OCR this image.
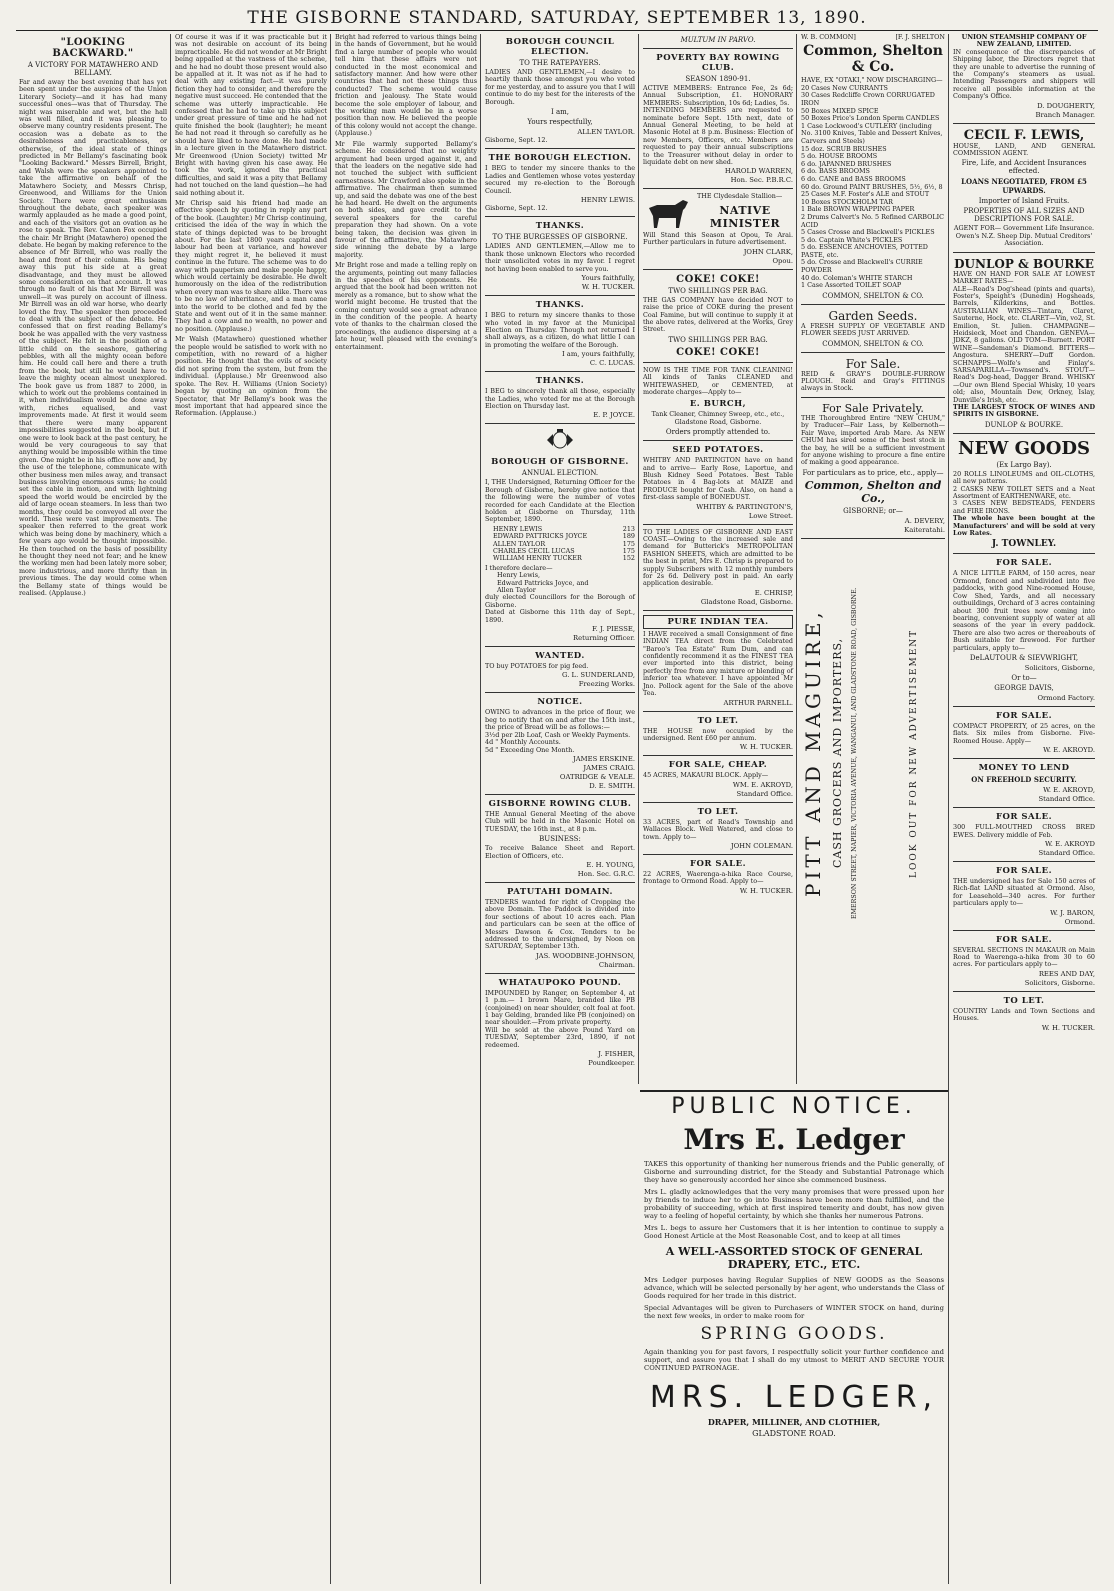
THE GISBORNE STANDARD, SATURDAY, SEPTEMBER 13, 1890.
"LOOKING BACKWARD."
A VICTORY FOR MATAWHERO AND BELLAMY.

Far and away the best evening that has yet been spent under the auspices of the Union Literary Society—and it has had many successful ones—was that of Thursday. The night was miserable and wet, but the hall was well filled, and it was pleasing to observe many country residents present. The occasion was a debate as to the desirableness and practicableness, or otherwise, of the ideal state of things predicted in Mr Bellamy's fascinating book "Looking Backward." Messrs Birrell, Bright, and Walsh were the speakers appointed to take the affirmative on behalf of the Matawhero Society, and Messrs Chrisp, Greenwood, and Williams for the Union Society. There were great enthusiasm throughout the debate, each speaker was warmly applauded as he made a good point, and each of the visitors got an ovation as he rose to speak. The Rev. Canon Fox occupied the chair. Mr Bright (Matawhero) opened the debate. He began by making reference to the absence of Mr Birrell, who was really the head and front of their column. His being away this put his side at a great disadvantage, and they must be allowed some consideration on that account. It was through no fault of his that Mr Birrell was unwell—it was purely on account of illness. Mr Birrell was an old war horse, who dearly loved the fray. The speaker then proceeded to deal with the subject of the debate. He confessed that on first reading Bellamy's book he was appalled with the very vastness of the subject. He felt in the position of a little child on the seashore, gathering pebbles, with all the mighty ocean before him. He could call here and there a truth from the book, but still he would have to leave the mighty ocean almost unexplored. The book gave us from 1887 to 2000, in which to work out the problems contained in it, when individualism would be done away with, riches equalised, and vast improvements made. At first it would seem that there were many apparent impossibilities suggested in the book, but if one were to look back at the past century, he would be very courageous to say that anything would be impossible within the time given. One might be in his office now and, by the use of the telephone, communicate with other business men miles away, and transact business involving enormous sums; he could set the cable in motion, and with lightning speed the world would be encircled by the aid of large ocean steamers. In less than two months, they could be conveyed all over the world. These were vast improvements. The speaker then referred to the great work which was being done by machinery, which a few years ago would be thought impossible. He then touched on the basis of possibility he thought they need not fear; and he knew the working men had been lately more sober, more industrious, and more thrifty than in previous times. The day would come when the Bellamy state of things would be realised. (Applause.)

Of course it was if it was practicable but it was not desirable on account of its being impracticable. He did not wonder at Mr Bright being appalled at the vastness of the scheme, and he had no doubt those present would also be appalled at it. It was not as if he had to deal with any existing fact—it was purely fiction they had to consider, and therefore the negative must succeed. He contended that the scheme was utterly impracticable. He confessed that he had to take up this subject under great pressure of time and he had not quite finished the book (laughter); he meant he had not read it through so carefully as he should have liked to have done. He had made in a lecture given in the Matawhero district. Mr Greenwood (Union Society) twitted Mr Bright with having given his case away. He took the work, ignored the practical difficulties, and said it was a pity that Bellamy had not touched on the land question—he had said nothing about it.

Mr Chrisp said his friend had made an effective speech by quoting in reply any part of the book. (Laughter.) Mr Chrisp continuing, criticised the idea of the way in which the state of things depicted was to be brought about. For the last 1800 years capital and labour had been at variance, and however they might regret it, he believed it must continue in the future. The scheme was to do away with pauperism and make people happy, which would certainly be desirable. He dwelt humorously on the idea of the redistribution when every man was to share alike. There was to be no law of inheritance, and a man came into the world to be clothed and fed by the State and went out of it in the same manner. They had a cow and no wealth, no power and no position. (Applause.)

Mr Walsh (Matawhero) questioned whether the people would be satisfied to work with no competition, with no reward of a higher position. He thought that the evils of society did not spring from the system, but from the individual. (Applause.) Mr Greenwood also spoke. The Rev. H. Williams (Union Society) began by quoting an opinion from the Spectator, that Mr Bellamy's book was the most important that had appeared since the Reformation. (Applause.)

Bright had referred to various things being in the hands of Government, but he would find a large number of people who would tell him that these affairs were not conducted in the most economical and satisfactory manner. And how were other countries that had not these things thus conducted? The scheme would cause friction and jealousy. The State would become the sole employer of labour, and the working man would be in a worse position than now. He believed the people of this colony would not accept the change. (Applause.)

Mr File warmly supported Bellamy's scheme. He considered that no weighty argument had been urged against it, and that the leaders on the negative side had not touched the subject with sufficient earnestness. Mr Crawford also spoke in the affirmative. The chairman then summed up, and said the debate was one of the best he had heard. He dwelt on the arguments on both sides, and gave credit to the several speakers for the careful preparation they had shown. On a vote being taken, the decision was given in favour of the affirmative, the Matawhero side winning the debate by a large majority.

Mr Bright rose and made a telling reply on the arguments, pointing out many fallacies in the speeches of his opponents. He argued that the book had been written not merely as a romance, but to show what the world might become. He trusted that the coming century would see a great advance in the condition of the people. A hearty vote of thanks to the chairman closed the proceedings, the audience dispersing at a late hour, well pleased with the evening's entertainment.

BOROUGH COUNCIL ELECTION.
TO THE RATEPAYERS.

LADIES AND GENTLEMEN,—I desire to heartily thank those amongst you who voted for me yesterday, and to assure you that I will continue to do my best for the interests of the Borough.

I am,
Yours respectfully,
ALLEN TAYLOR.
Gisborne, Sept. 12.
THE BOROUGH ELECTION.

I BEG to tender my sincere thanks to the Ladies and Gentlemen whose votes yesterday secured my re-election to the Borough Council.

HENRY LEWIS.
Gisborne, Sept. 12.
THANKS.
TO THE BURGESSES OF GISBORNE.

LADIES AND GENTLEMEN,—Allow me to thank those unknown Electors who recorded their unsolicited votes in my favor. I regret not having been enabled to serve you.

Yours faithfully,
W. H. TUCKER.
THANKS.

I BEG to return my sincere thanks to those who voted in my favor at the Municipal Election on Thursday. Though not returned I shall always, as a citizen, do what little I can in promoting the welfare of the Borough.

I am, yours faithfully,
C. C. LUCAS.
THANKS.

I BEG to sincerely thank all those, especially the Ladies, who voted for me at the Borough Election on Thursday last.

E. P. JOYCE.
BOROUGH OF GISBORNE.
ANNUAL ELECTION.

I, THE Undersigned, Returning Officer for the Borough of Gisborne, hereby give notice that the following were the number of votes recorded for each Candidate at the Election holden at Gisborne on Thursday, 11th September, 1890.

HENRY LEWIS	213
EDWARD PATTRICKS JOYCE	189
ALLEN TAYLOR	175
CHARLES CECIL LUCAS	175
WILLIAM HENRY TUCKER	152
I therefore declare—
Henry Lewis,
Edward Pattricks Joyce, and
Allen Taylor
duly elected Councillors for the Borough of Gisborne.
Dated at Gisborne this 11th day of Sept., 1890.
F. J. PIESSE,
Returning Officer.
WANTED.

TO buy POTATOES for pig feed.

G. L. SUNDERLAND,
Freezing Works.
NOTICE.

OWING to advances in the price of flour, we beg to notify that on and after the 15th inst., the price of Bread will be as follows:—

3½d per 2lb Loaf, Cash or Weekly Payments.
4d " Monthly Accounts.
5d " Exceeding One Month.
JAMES ERSKINE.
JAMES CRAIG.
OATRIDGE & VEALE.
D. E. SMITH.
GISBORNE ROWING CLUB.

THE Annual General Meeting of the above Club will be held in the Masonic Hotel on TUESDAY, the 16th inst., at 8 p.m.

BUSINESS:

To receive Balance Sheet and Report. Election of Officers, etc.

E. H. YOUNG,
Hon. Sec. G.R.C.
PATUTAHI DOMAIN.

TENDERS wanted for right of Cropping the above Domain. The Paddock is divided into four sections of about 10 acres each. Plan and particulars can be seen at the office of Messrs Dawson & Cox. Tenders to be addressed to the undersigned, by Noon on SATURDAY, September 13th.

JAS. WOODBINE-JOHNSON,
Chairman.
WHATAUPOKO POUND.

IMPOUNDED by Ranger, on September 4, at 1 p.m.— 1 brown Mare, branded like PB (conjoined) on near shoulder, colt foal at foot. 1 bay Gelding, branded like PB (conjoined) on near shoulder.—From private property.

Will be sold at the above Pound Yard on TUESDAY, September 23rd, 1890, if not redeemed.

J. FISHER,
Poundkeeper.
MULTUM IN PARVO.
POVERTY BAY ROWING CLUB.
SEASON 1890-91.

ACTIVE MEMBERS: Entrance Fee, 2s 6d; Annual Subscription, £1. HONORARY MEMBERS: Subscription, 10s 6d; Ladies, 5s.

INTENDING MEMBERS are requested to nominate before Sept. 15th next, date of Annual General Meeting, to be held at Masonic Hotel at 8 p.m. Business: Election of new Members, Officers, etc. Members are requested to pay their annual subscriptions to the Treasurer without delay in order to liquidate debt on new shed.

HAROLD WARREN,
Hon. Sec. P.B.R.C.
THE Clydesdale Stallion—
NATIVE MINISTER

Will Stand this Season at Opou, Te Arai. Further particulars in future advertisement.

JOHN CLARK,
Opou.
COKE! COKE!
TWO SHILLINGS PER BAG.

THE GAS COMPANY have decided NOT to raise the price of COKE during the present Coal Famine, but will continue to supply it at the above rates, delivered at the Works, Grey Street.

TWO SHILLINGS PER BAG.
COKE! COKE!

NOW IS THE TIME FOR TANK CLEANING! All kinds of Tanks CLEANED and WHITEWASHED, or CEMENTED, at moderate charges—Apply to—

E. BURCH,

Tank Cleaner, Chimney Sweep, etc., etc., Gladstone Road, Gisborne.

Orders promptly attended to.
SEED POTATOES.

WHITBY AND PARTINGTON have on hand and to arrive— Early Rose, Laportue, and Blush Kidney Seed Potatoes. Best Table Potatoes in 4 Bag-lots at MAIZE and PRODUCE bought for Cash. Also, on hand a first-class sample of BONEDUST.

WHITBY & PARTINGTON'S,
Lowe Street.

TO THE LADIES OF GISBORNE AND EAST COAST.—Owing to the increased sale and demand for Butterick's METROPOLITAN FASHION SHEETS, which are admitted to be the best in print, Mrs E. Chrisp is prepared to supply Subscribers with 12 monthly numbers for 2s 6d. Delivery post in paid. An early application desirable.

E. CHRISP,
Gladstone Road, Gisborne.
PURE INDIAN TEA.

I HAVE received a small Consignment of fine INDIAN TEA direct from the Celebrated "Baroo's Tea Estate" Rum Dum, and can confidently recommend it as the FINEST TEA ever imported into this district, being perfectly free from any mixture or blending of inferior tea whatever. I have appointed Mr Jno. Pollock agent for the Sale of the above Tea.

ARTHUR PARNELL.
TO LET.

THE HOUSE now occupied by the undersigned. Rent £60 per annum.

W. H. TUCKER.
FOR SALE, CHEAP.

45 ACRES, MAKAURI BLOCK. Apply—

WM. E. AKROYD,
Standard Office.
TO LET.

33 ACRES, part of Read's Township and Wallaces Block. Well Watered, and close to town. Apply to—

JOHN COLEMAN.
FOR SALE.

22 ACRES, Waerenga-a-hika Race Course, frontage to Ormond Road. Apply to—

W. H. TUCKER.
W. B. COMMON]	[F. J. SHELTON
Common, Shelton & Co.

HAVE, EX "OTAKI," NOW DISCHARGING—

20 Cases New CURRANTS
30 Cases Redcliffe Crown CORRUGATED IRON
50 Boxes MIXED SPICE
50 Boxes Price's London Sperm CANDLES
1 Case Lockwood's CUTLERY (including No. 3100 Knives, Table and Dessert Knives, Carvers and Steels)
15 doz. SCRUB BRUSHES
5 do. HOUSE BROOMS
6 do. JAPANNED BRUSHES
6 do. BASS BROOMS
6 do. CANE and BASS BROOMS
60 do. Ground PAINT BRUSHES, 5½, 6½, 8
25 Cases M.F. Foster's ALE and STOUT
10 Boxes STOCKHOLM TAR
1 Bale BROWN WRAPPING PAPER
2 Drums Calvert's No. 5 Refined CARBOLIC ACID
5 Cases Crosse and Blackwell's PICKLES
5 do. Captain White's PICKLES
5 do. ESSENCE ANCHOVIES, POTTED PASTE, etc.
5 do. Crosse and Blackwell's CURRIE POWDER
40 do. Coleman's WHITE STARCH
1 Case Assorted TOILET SOAP
COMMON, SHELTON & CO.
Garden Seeds.

A FRESH SUPPLY OF VEGETABLE AND FLOWER SEEDS JUST ARRIVED.

COMMON, SHELTON & CO.
For Sale.

REID & GRAY'S DOUBLE-FURROW PLOUGH. Reid and Gray's FITTINGS always in Stock.

For Sale Privately.

THE Thoroughbred Entire "NEW CHUM," by Traducer—Fair Lass, by Kelbernoth—Fair Wave, imported Arab Mare. As NEW CHUM has sired some of the best stock in the bay, he will be a sufficient investment for anyone wishing to procure a fine entire of making a good appearance.

For particulars as to price, etc., apply—
Common, Shelton and Co.,
GISBORNE; or—
A. DEVERY,
Kaiteratahi.
PITT AND MAGUIRE, CASH GROCERS AND IMPORTERS,	EMERSON STREET, NAPIER, VICTORIA AVENUE, WANGANUI, AND GLADSTONE ROAD, GISBORNE.	LOOK OUT FOR NEW ADVERTISEMENT

UNION STEAMSHIP COMPANY OF NEW ZEALAND, LIMITED.

IN consequence of the discrepancies of Shipping labor, the Directors regret that they are unable to advertise the running of the Company's steamers as usual. Intending Passengers and shippers will receive all possible information at the Company's Office.

D. DOUGHERTY,
Branch Manager.
CECIL F. LEWIS,

HOUSE, LAND, AND GENERAL COMMISSION AGENT.

Fire, Life, and Accident Insurances effected.
LOANS NEGOTIATED, FROM £5 UPWARDS.
Importer of Island Fruits.
PROPERTIES OF ALL SIZES AND DESCRIPTIONS FOR SALE.

AGENT FOR— Government Life Insurance. Owen's N.Z. Sheep Dip. Mutual Creditors' Association.

DUNLOP & BOURKE

HAVE ON HAND FOR SALE AT LOWEST MARKET RATES—

ALE—Read's Dog'shead (pints and quarts), Foster's, Speight's (Dunedin) Hogsheads, Barrels, Kilderkins, and Bottles. AUSTRALIAN WINES—Tintara, Claret, Sauterne, Hock, etc. CLARET—Vin, vo2, St. Emilion, St. Julien. CHAMPAGNE—Heidsieck, Moet and Chandon. GENEVA—JDKZ, 8 gallons. OLD TOM—Burnett. PORT WINE—Sandeman's Diamond. BITTERS—Angostura. SHERRY—Duff Gordon. SCHNAPPS—Wolfe's and Finlay's. SARSAPARILLA—Townsend's. STOUT—Read's Dog-head, Dagger Brand. WHISKY—Our own Blend Special Whisky, 10 years old; also, Mountain Dew, Orkney, Islay, Dunville's Irish, etc.

THE LARGEST STOCK OF WINES AND SPIRITS IN GISBORNE.

DUNLOP & BOURKE.
NEW GOODS
(Ex Largo Bay).

20 ROLLS LINOLEUMS and OIL-CLOTHS, all new patterns.

2 CASKS NEW TOILET SETS and a Neat Assortment of EARTHENWARE, etc.

3 CASES NEW BEDSTEADS, FENDERS and FIRE IRONS.

The whole have been bought at the Manufacturers' and will be sold at very Low Rates.

J. TOWNLEY.
FOR SALE.

A NICE LITTLE FARM, of 150 acres, near Ormond, fenced and subdivided into five paddocks, with good Nine-roomed House, Cow Shed, Yards, and all necessary outbuildings, Orchard of 3 acres containing about 300 fruit trees now coming into bearing, convenient supply of water at all seasons of the year in every paddock. There are also two acres or thereabouts of Bush suitable for firewood. For further particulars, apply to—

DeLAUTOUR & SIEVWRIGHT,
Solicitors, Gisborne,
Or to—
GEORGE DAVIS,
Ormond Factory.
FOR SALE.

COMPACT PROPERTY, of 25 acres, on the flats. Six miles from Gisborne. Five-Roomed House. Apply—

W. E. AKROYD.
MONEY TO LEND
ON FREEHOLD SECURITY.
W. E. AKROYD,
Standard Office.
FOR SALE.

300 FULL-MOUTHED CROSS BRED EWES. Delivery middle of Feb.

W. E. AKROYD
Standard Office.
FOR SALE.

THE undersigned has for Sale 150 acres of Rich-flat LAND situated at Ormond. Also, for Leasehold—340 acres. For further particulars apply to—

W. J. BARON,
Ormond.
FOR SALE.

SEVERAL SECTIONS IN MAKAUR on Main Road to Waerenga-a-hika from 30 to 60 acres. For particulars apply to—

REES AND DAY,
Solicitors, Gisborne.
TO LET.

COUNTRY Lands and Town Sections and Houses.

W. H. TUCKER.
PUBLIC NOTICE.
Mrs E. Ledger

TAKES this opportunity of thanking her numerous friends and the Public generally, of Gisborne and surrounding district, for the Steady and Substantial Patronage which they have so generously accorded her since she commenced business.

Mrs L. gladly acknowledges that the very many promises that were pressed upon her by friends to induce her to go into Business have been more than fulfilled, and the probability of succeeding, which at first inspired temerity and doubt, has now given way to a feeling of hopeful certainty, by which she thanks her numerous Patrons.

Mrs L. begs to assure her Customers that it is her intention to continue to supply a Good Honest Article at the Most Reasonable Cost, and to keep at all times

A WELL-ASSORTED STOCK OF GENERAL DRAPERY, ETC., ETC.

Mrs Ledger purposes having Regular Supplies of NEW GOODS as the Seasons advance, which will be selected personally by her agent, who understands the Class of Goods required for her trade in this district.

Special Advantages will be given to Purchasers of WINTER STOCK on hand, during the next few weeks, in order to make room for

SPRING GOODS.

Again thanking you for past favors, I respectfully solicit your further confidence and support, and assure you that I shall do my utmost to MERIT AND SECURE YOUR CONTINUED PATRONAGE.

MRS. LEDGER,
DRAPER, MILLINER, AND CLOTHIER,
GLADSTONE ROAD.
